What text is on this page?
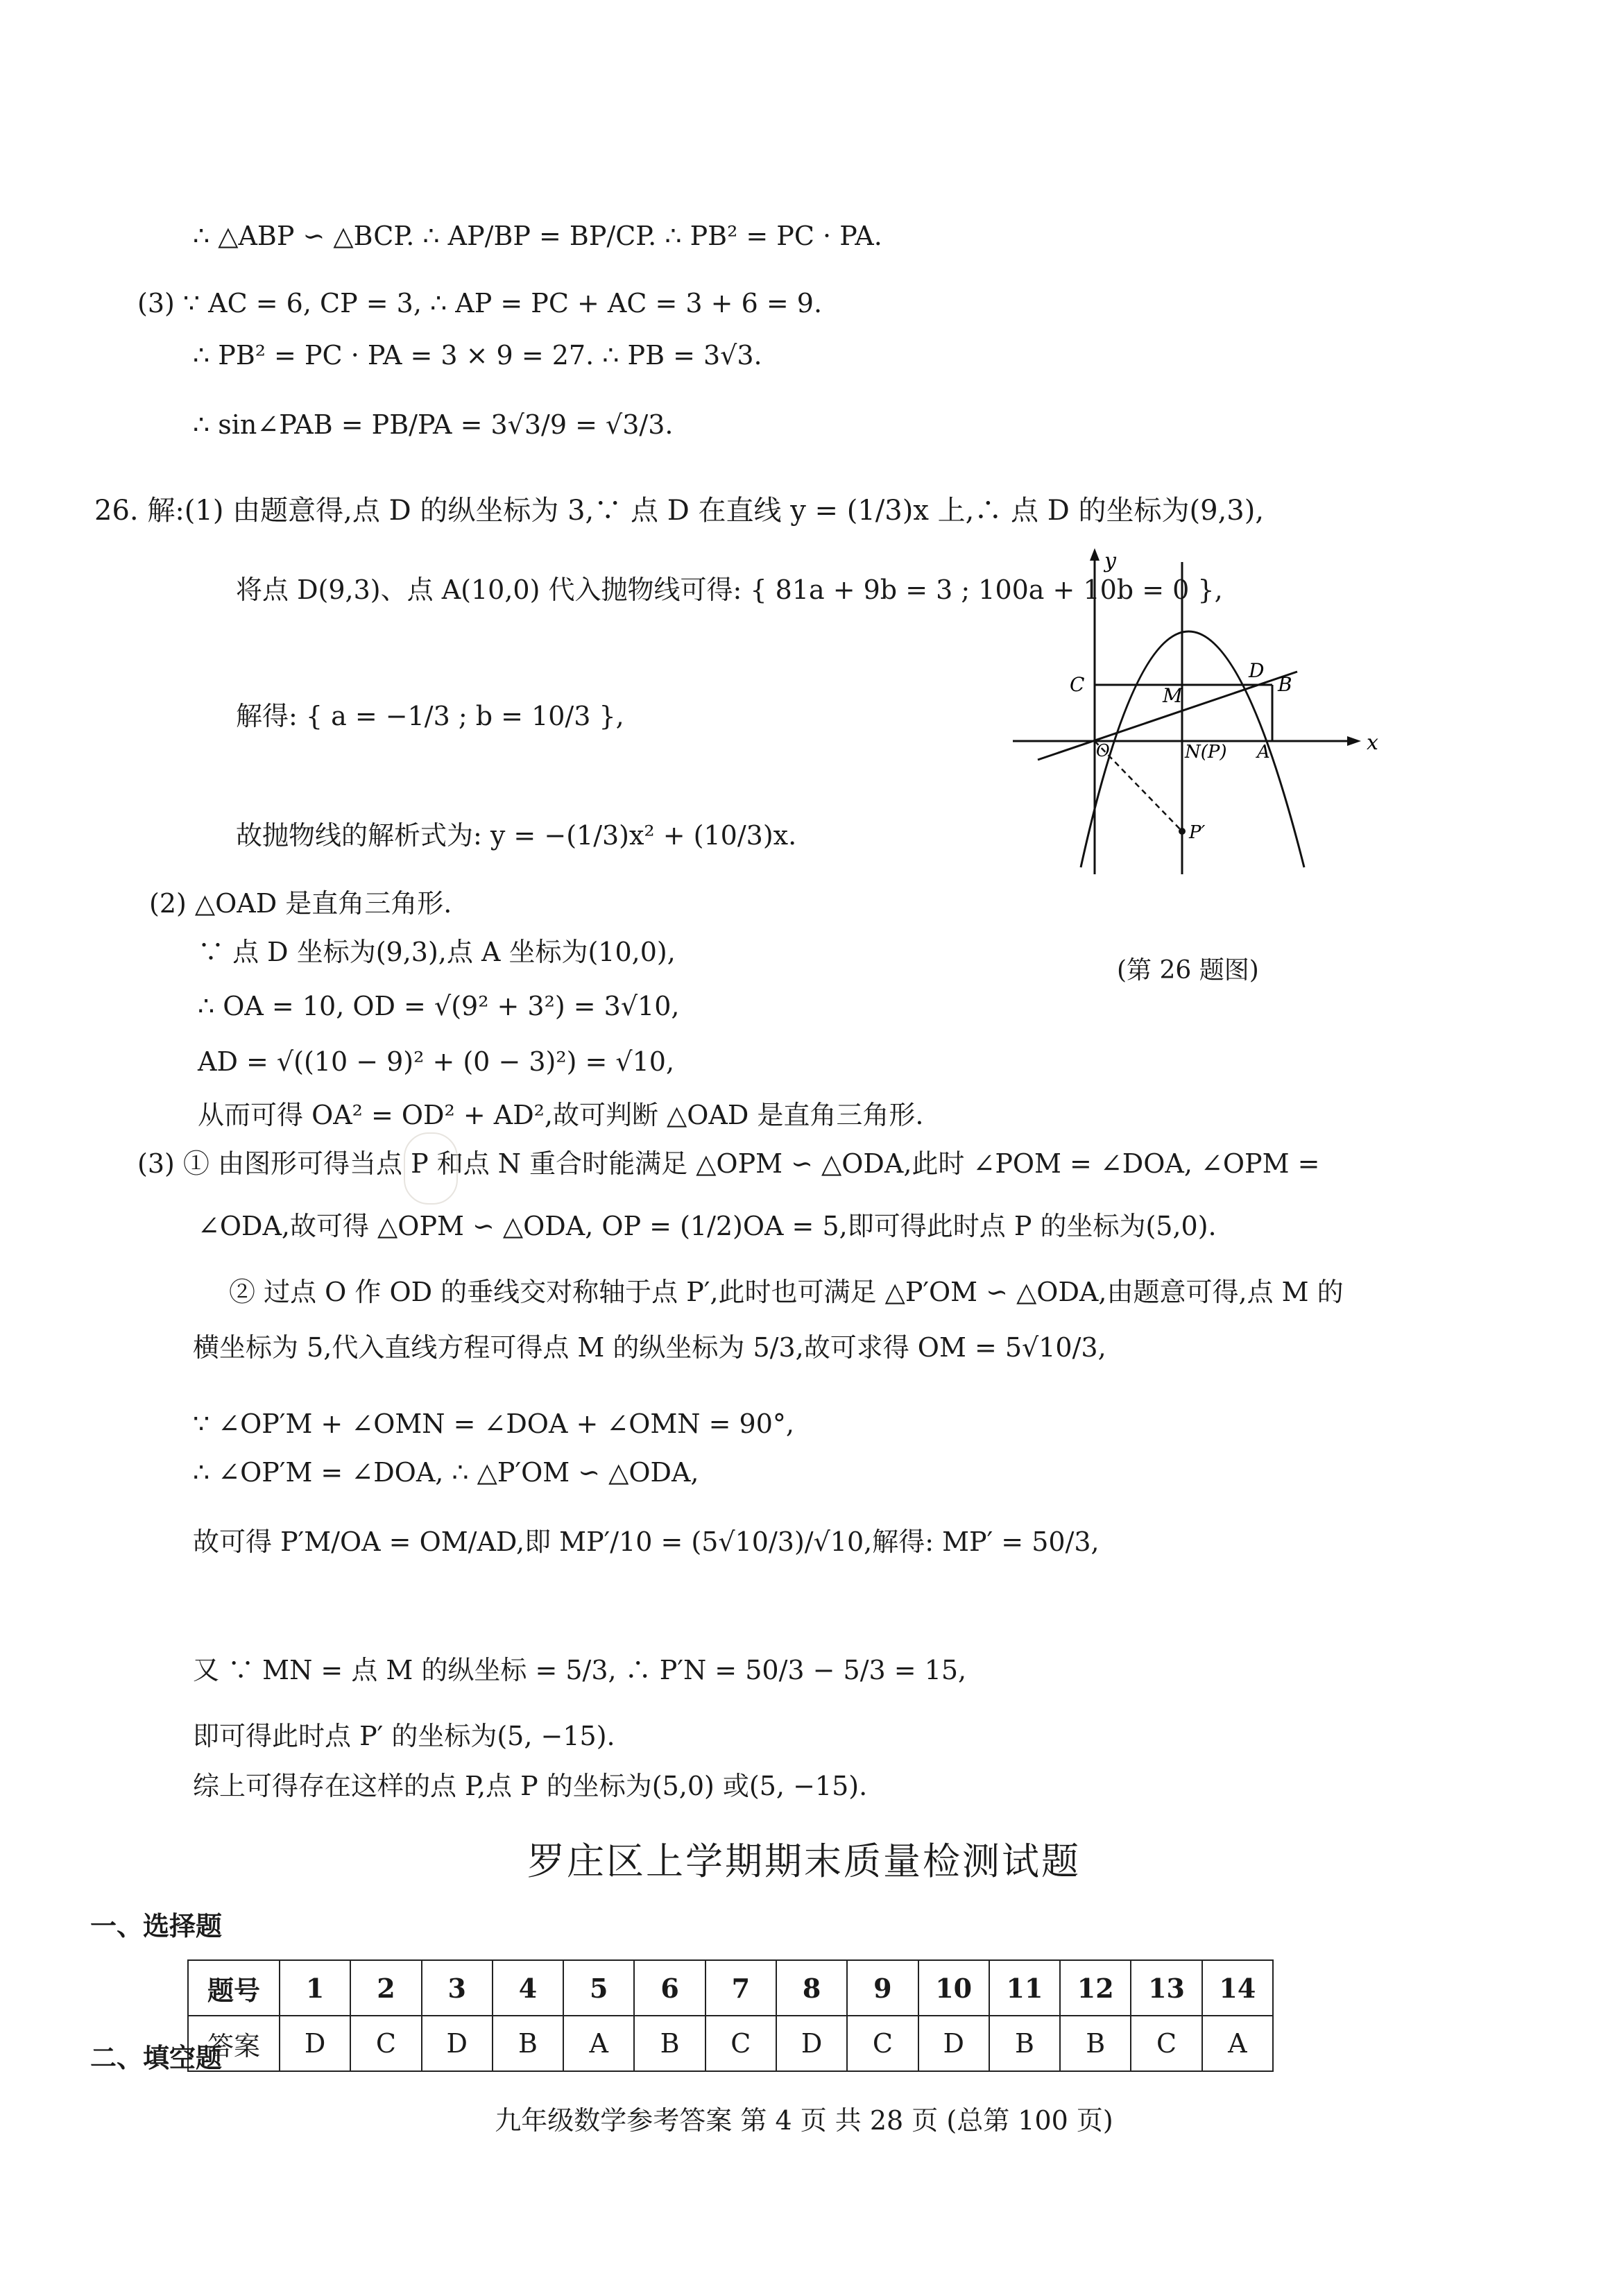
∴ △ABP ∽ △BCP. ∴ AP/BP = BP/CP. ∴ PB² = PC · PA.
(3) ∵ AC = 6, CP = 3, ∴ AP = PC + AC = 3 + 6 = 9.
∴ PB² = PC · PA = 3 × 9 = 27. ∴ PB = 3√3.
∴ sin∠PAB = PB/PA = 3√3/9 = √3/3.
26. 解:(1) 由题意得,点 D 的纵坐标为 3,∵ 点 D 在直线 y = (1/3)x 上,∴ 点 D 的坐标为(9,3),
将点 D(9,3)、点 A(10,0) 代入抛物线可得: { 81a + 9b = 3 ; 100a + 10b = 0 },
解得: { a = −1/3 ; b = 10/3 },
故抛物线的解析式为: y = −(1/3)x² + (10/3)x.
(2) △OAD 是直角三角形.
∵ 点 D 坐标为(9,3),点 A 坐标为(10,0),
∴ OA = 10, OD = √(9² + 3²) = 3√10,
AD = √((10 − 9)² + (0 − 3)²) = √10,
从而可得 OA² = OD² + AD²,故可判断 △OAD 是直角三角形.
(3) ① 由图形可得当点 P 和点 N 重合时能满足 △OPM ∽ △ODA,此时 ∠POM = ∠DOA, ∠OPM =
∠ODA,故可得 △OPM ∽ △ODA, OP = (1/2)OA = 5,即可得此时点 P 的坐标为(5,0).
② 过点 O 作 OD 的垂线交对称轴于点 P′,此时也可满足 △P′OM ∽ △ODA,由题意可得,点 M 的
横坐标为 5,代入直线方程可得点 M 的纵坐标为 5/3,故可求得 OM = 5√10/3,
∵ ∠OP′M + ∠OMN = ∠DOA + ∠OMN = 90°,
∴ ∠OP′M = ∠DOA, ∴ △P′OM ∽ △ODA,
故可得 P′M/OA = OM/AD,即 MP′/10 = (5√10/3)/√10,解得: MP′ = 50/3,
又 ∵ MN = 点 M 的纵坐标 = 5/3, ∴ P′N = 50/3 − 5/3 = 15,
即可得此时点 P′ 的坐标为(5, −15).
综上可得存在这样的点 P,点 P 的坐标为(5,0) 或(5, −15).
y
x
C
D
B
M
O	N(P) A
P′
(第 26 题图)
罗庄区上学期期末质量检测试题
一、选择题
题号	1	2	3	4	5	6	7	8	9	10	11	12	13	14
答案	D	C	D	B	A	B	C	D	C	D	B	B	C	A
二、填空题
九年级数学参考答案 第 4 页 共 28 页 (总第 100 页)
